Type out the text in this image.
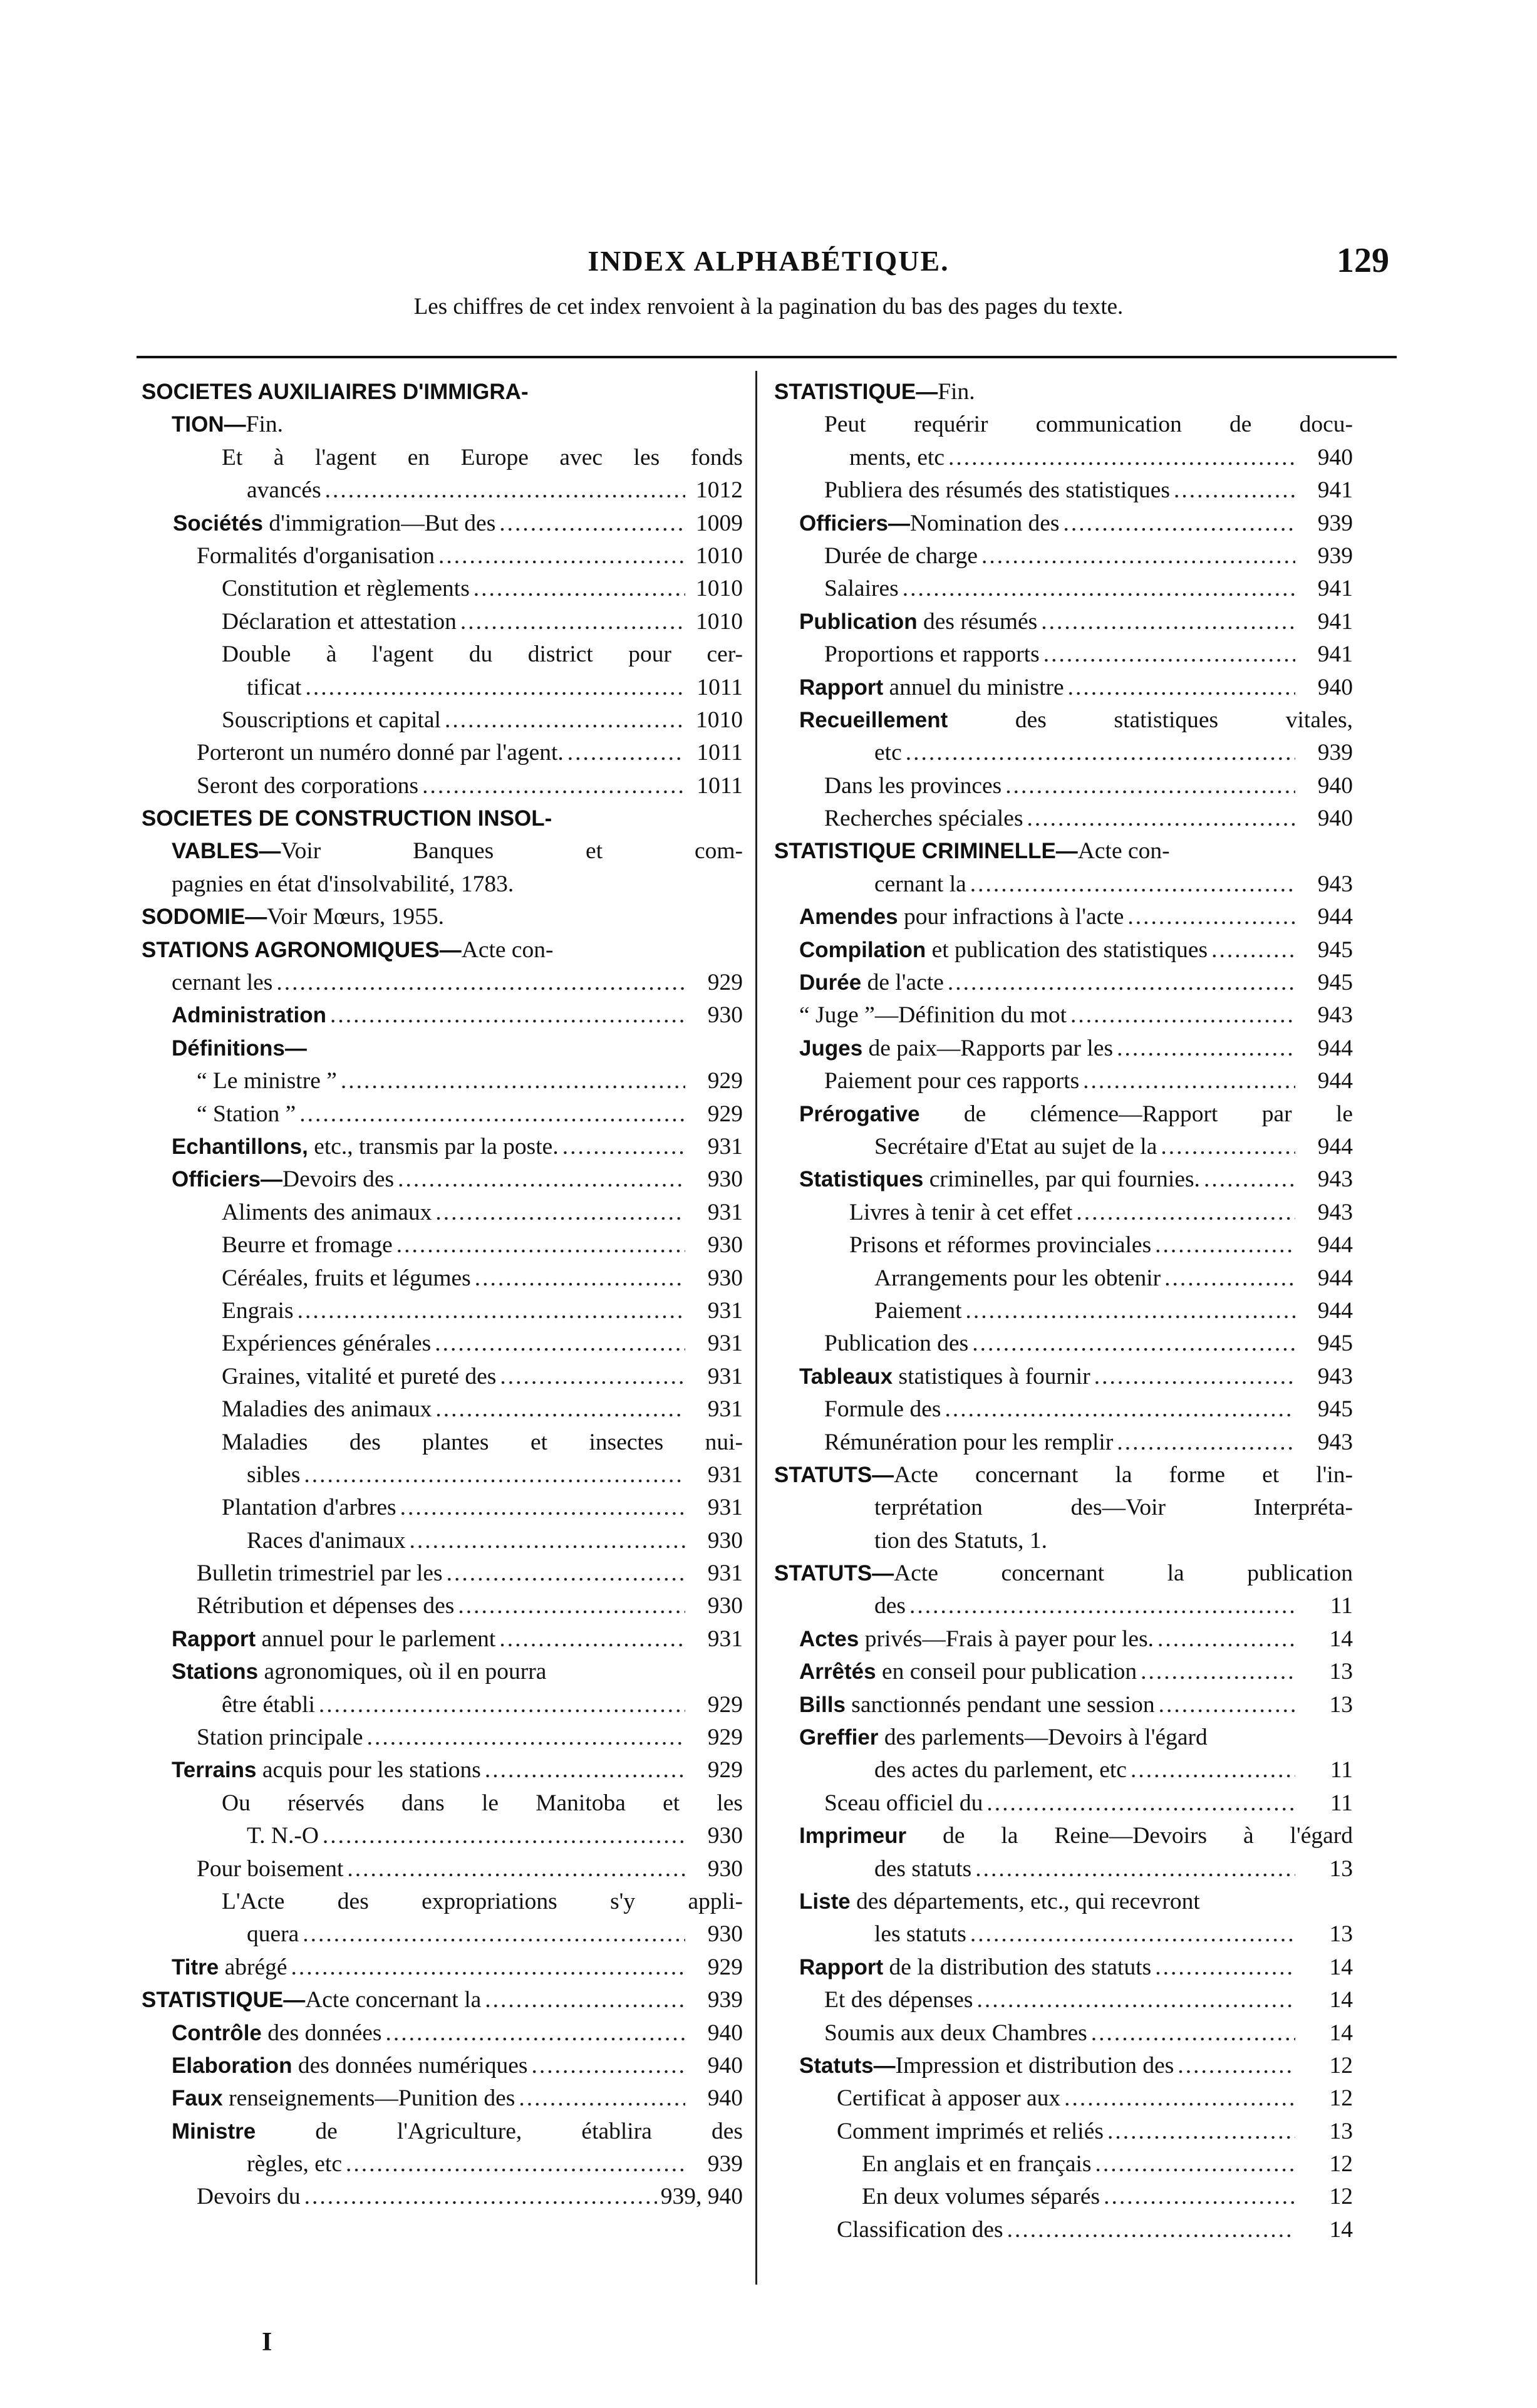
INDEX ALPHABÉTIQUE.	129
Les chiffres de cet index renvoient à la pagination du bas des pages du texte.
SOCIETES AUXILIAIRES D'IMMIGRA-
TION—Fin.
Et à l'agent en Europe avec les fonds
avancés .....	1012
Sociétés d'immigration—But des .....	1009
Formalités d'organisation .....	1010
Constitution et règlements .....	1010
Déclaration et attestation .....	1010
Double à l'agent du district pour cer-
tificat .....	1011
Souscriptions et capital .....	1010
Porteront un numéro donné par l'agent. .....	1011
Seront des corporations .....	1011
SOCIETES DE CONSTRUCTION INSOL-
VABLES—Voir Banques et com-
pagnies en état d'insolvabilité, 1783.
SODOMIE—Voir Mœurs, 1955.
STATIONS AGRONOMIQUES—Acte con-
cernant les .....	929
Administration .....	930
Définitions—
“ Le ministre ” .....	929
“ Station ” .....	929
Echantillons, etc., transmis par la poste. .....	931
Officiers—Devoirs des .....	930
Aliments des animaux .....	931
Beurre et fromage .....	930
Céréales, fruits et légumes .....	930
Engrais .....	931
Expériences générales .....	931
Graines, vitalité et pureté des .....	931
Maladies des animaux .....	931
Maladies des plantes et insectes nui-
sibles .....	931
Plantation d'arbres .....	931
Races d'animaux .....	930
Bulletin trimestriel par les .....	931
Rétribution et dépenses des .....	930
Rapport annuel pour le parlement .....	931
Stations agronomiques, où il en pourra
être établi .....	929
Station principale .....	929
Terrains acquis pour les stations .....	929
Ou réservés dans le Manitoba et les
T. N.-O .....	930
Pour boisement .....	930
L'Acte des expropriations s'y appli-
quera .....	930
Titre abrégé .....	929
STATISTIQUE—Acte concernant la .....	939
Contrôle des données .....	940
Elaboration des données numériques .....	940
Faux renseignements—Punition des .....	940
Ministre de l'Agriculture, établira des
règles, etc .....	939
Devoirs du .....	939, 940
STATISTIQUE—Fin.
Peut requérir communication de docu-
ments, etc .....	940
Publiera des résumés des statistiques .....	941
Officiers—Nomination des .....	939
Durée de charge .....	939
Salaires .....	941
Publication des résumés .....	941
Proportions et rapports .....	941
Rapport annuel du ministre .....	940
Recueillement des statistiques vitales,
etc .....	939
Dans les provinces .....	940
Recherches spéciales .....	940
STATISTIQUE CRIMINELLE—Acte con-
cernant la .....	943
Amendes pour infractions à l'acte .....	944
Compilation et publication des statistiques .....	945
Durée de l'acte .....	945
“ Juge ”—Définition du mot .....	943
Juges de paix—Rapports par les .....	944
Paiement pour ces rapports .....	944
Prérogative de clémence—Rapport par le
Secrétaire d'Etat au sujet de la .....	944
Statistiques criminelles, par qui fournies. .....	943
Livres à tenir à cet effet .....	943
Prisons et réformes provinciales .....	944
Arrangements pour les obtenir .....	944
Paiement .....	944
Publication des .....	945
Tableaux statistiques à fournir .....	943
Formule des .....	945
Rémunération pour les remplir .....	943
STATUTS—Acte concernant la forme et l'in-
terprétation des—Voir Interpréta-
tion des Statuts, 1.
STATUTS—Acte concernant la publication
des .....	11
Actes privés—Frais à payer pour les. .....	14
Arrêtés en conseil pour publication .....	13
Bills sanctionnés pendant une session .....	13
Greffier des parlements—Devoirs à l'égard
des actes du parlement, etc .....	11
Sceau officiel du .....	11
Imprimeur de la Reine—Devoirs à l'égard
des statuts .....	13
Liste des départements, etc., qui recevront
les statuts .....	13
Rapport de la distribution des statuts .....	14
Et des dépenses .....	14
Soumis aux deux Chambres .....	14
Statuts—Impression et distribution des .....	12
Certificat à apposer aux .....	12
Comment imprimés et reliés .....	13
En anglais et en français .....	12
En deux volumes séparés .....	12
Classification des .....	14
I
